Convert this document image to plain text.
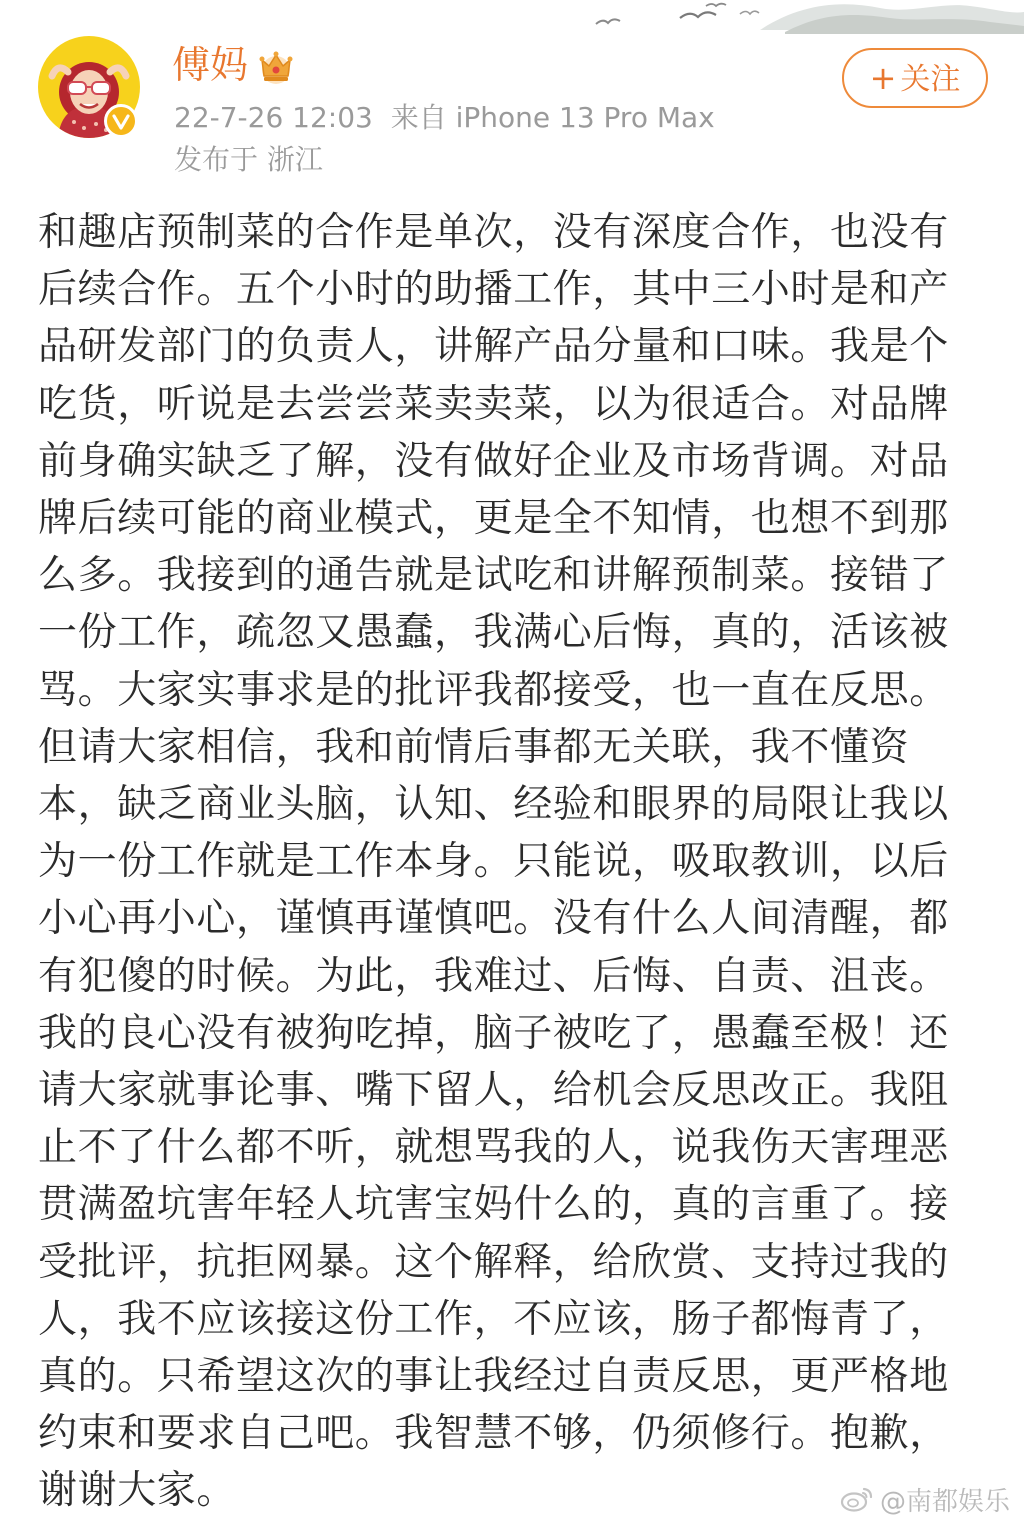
傅妈
22-7-26 12:03 来自 iPhone 13 Pro Max
发布于 浙江
+ 关注
和趣店预制菜的合作是单次，没有深度合作，也没有
后续合作。五个小时的助播工作，其中三小时是和产
品研发部门的负责人，讲解产品分量和口味。我是个
吃货，听说是去尝尝菜卖卖菜，以为很适合。对品牌
前身确实缺乏了解，没有做好企业及市场背调。对品
牌后续可能的商业模式，更是全不知情，也想不到那
么多。我接到的通告就是试吃和讲解预制菜。接错了
一份工作，疏忽又愚蠢，我满心后悔，真的，活该被
骂。大家实事求是的批评我都接受，也一直在反思。
但请大家相信，我和前情后事都无关联，我不懂资
本，缺乏商业头脑，认知、经验和眼界的局限让我以
为一份工作就是工作本身。只能说，吸取教训，以后
小心再小心，谨慎再谨慎吧。没有什么人间清醒，都
有犯傻的时候。为此，我难过、后悔、自责、沮丧。
我的良心没有被狗吃掉，脑子被吃了，愚蠢至极！还
请大家就事论事、嘴下留人，给机会反思改正。我阻
止不了什么都不听，就想骂我的人，说我伤天害理恶
贯满盈坑害年轻人坑害宝妈什么的，真的言重了。接
受批评，抗拒网暴。这个解释，给欣赏、支持过我的
人，我不应该接这份工作，不应该，肠子都悔青了，
真的。只希望这次的事让我经过自责反思，更严格地
约束和要求自己吧。我智慧不够，仍须修行。抱歉，
谢谢大家。	@南都娱乐
